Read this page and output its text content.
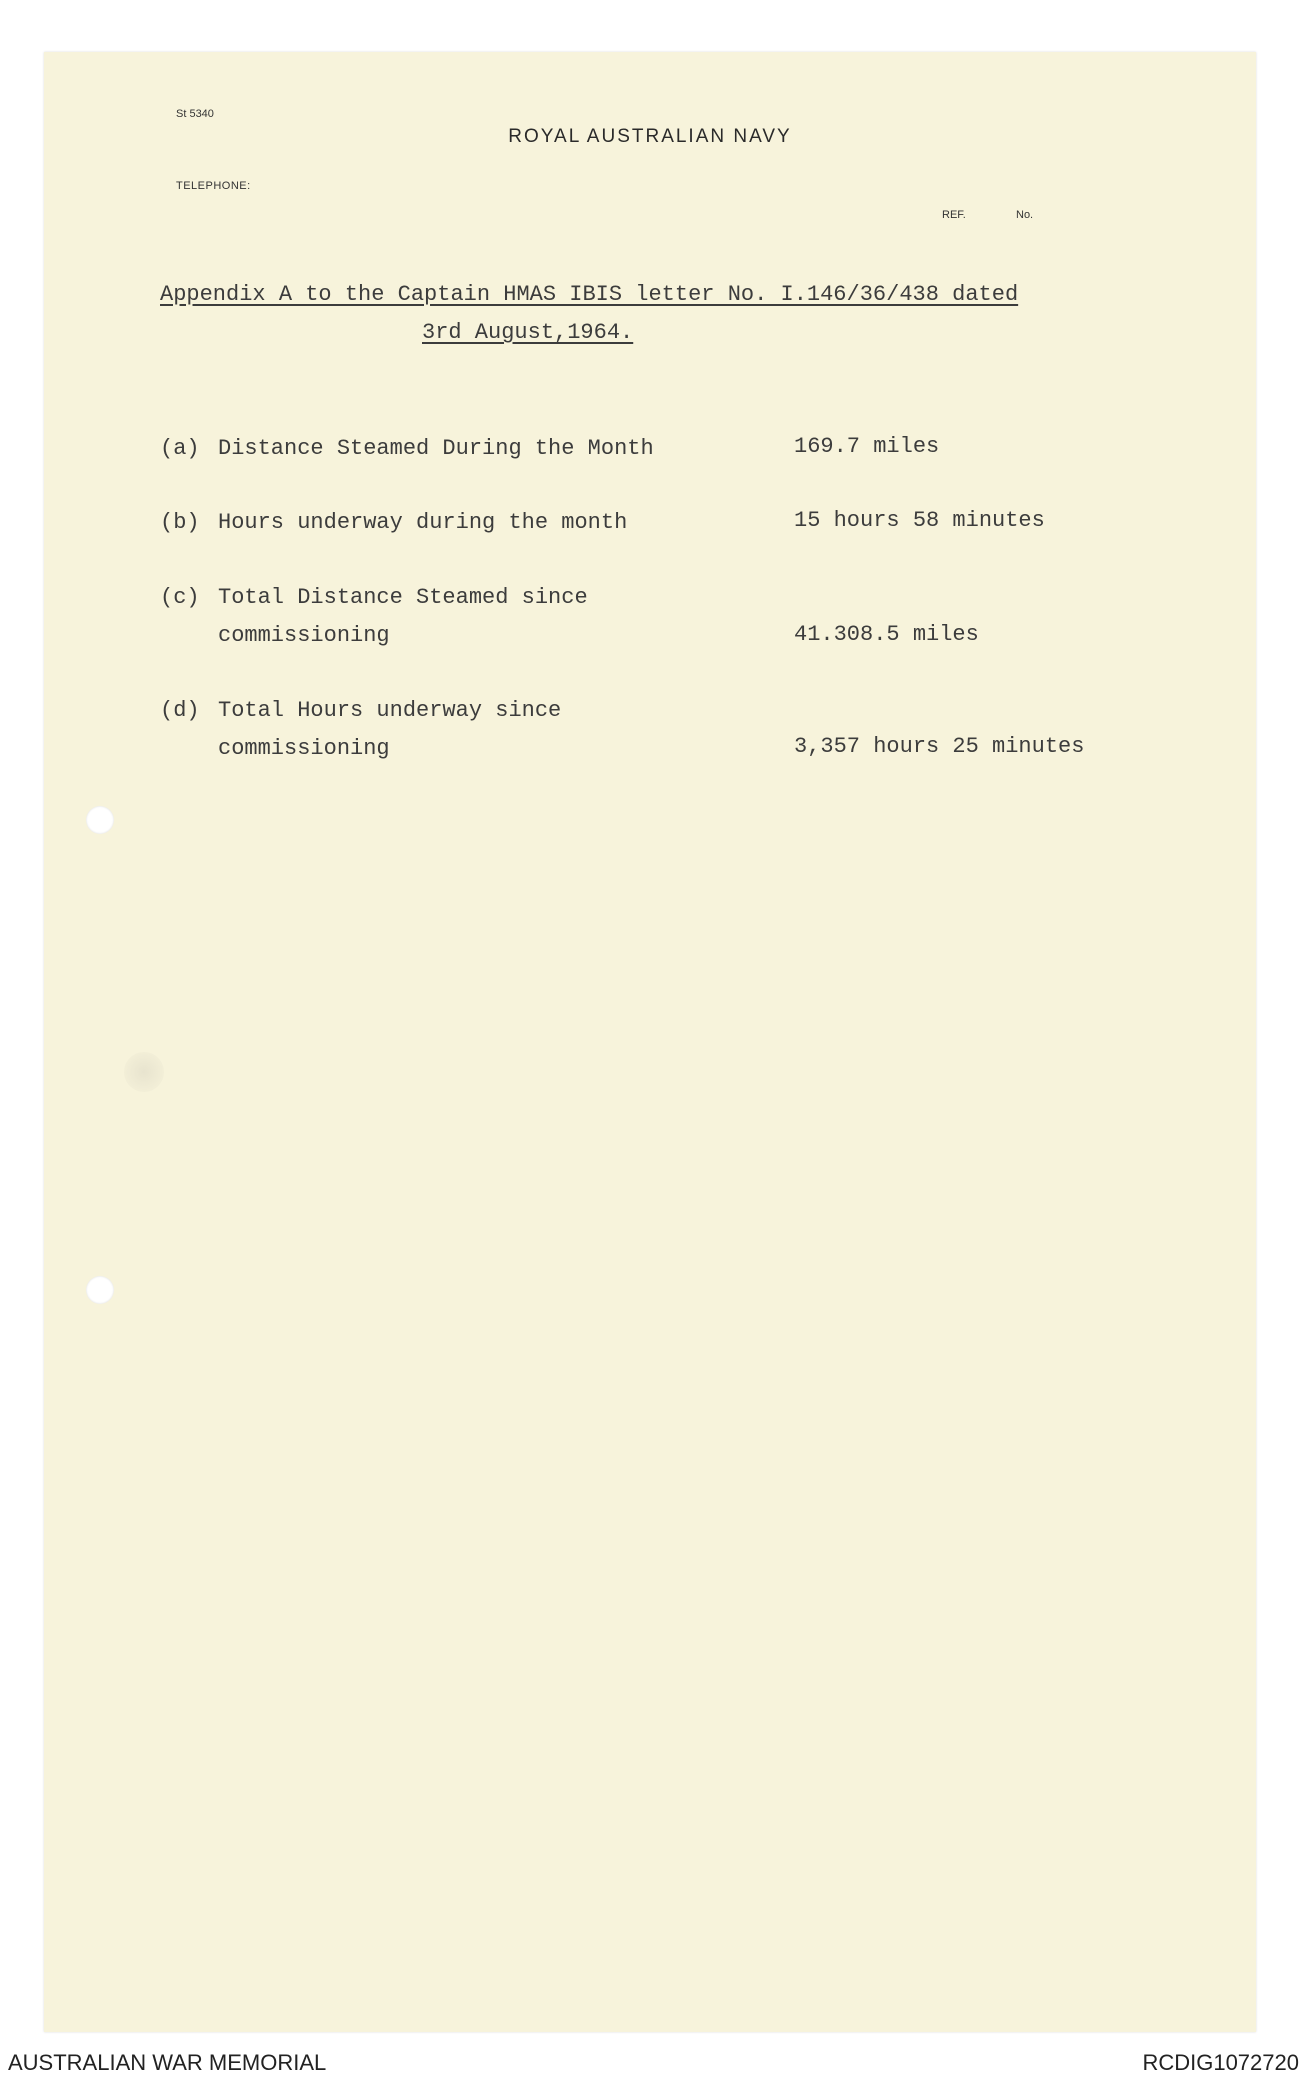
St 5340
ROYAL AUSTRALIAN NAVY
TELEPHONE:
REF.	No.
Appendix A to the Captain HMAS IBIS letter No. I.146/36/438 dated
3rd August,1964.
(a) Distance Steamed During the Month	169.7 miles
(b) Hours underway during the month	15 hours 58 minutes
(c) Total Distance Steamed since
commissioning	41.308.5 miles
(d) Total Hours underway since
commissioning	3,357 hours 25 minutes
AUSTRALIAN WAR MEMORIAL	RCDIG1072720
